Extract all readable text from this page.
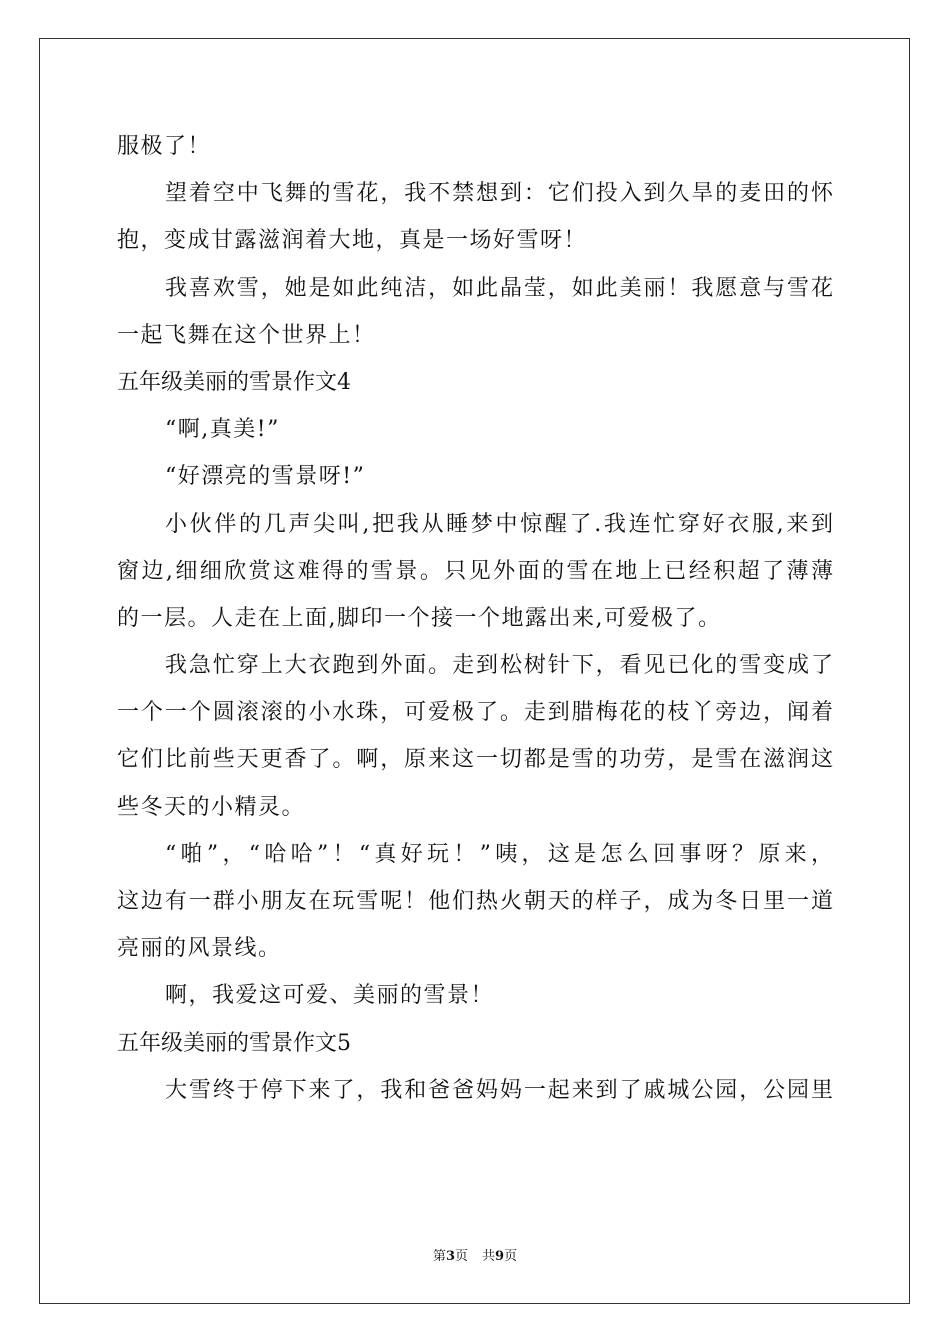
服极了！
望着空中飞舞的雪花，我不禁想到：它们投入到久旱的麦田的怀
抱，变成甘露滋润着大地，真是一场好雪呀！
我喜欢雪，她是如此纯洁，如此晶莹，如此美丽！我愿意与雪花
一起飞舞在这个世界上！
五年级美丽的雪景作文4
“啊,真美!”
“好漂亮的雪景呀!”
小伙伴的几声尖叫,把我从睡梦中惊醒了.我连忙穿好衣服,来到
窗边,细细欣赏这难得的雪景。只见外面的雪在地上已经积超了薄薄
的一层。人走在上面,脚印一个接一个地露出来,可爱极了。
我急忙穿上大衣跑到外面。走到松树针下，看见已化的雪变成了
一个一个圆滚滚的小水珠，可爱极了。走到腊梅花的枝丫旁边，闻着
它们比前些天更香了。啊，原来这一切都是雪的功劳，是雪在滋润这
些冬天的小精灵。
“啪”，“哈哈”！“真好玩！”咦，这是怎么回事呀？原来，
这边有一群小朋友在玩雪呢！他们热火朝天的样子，成为冬日里一道
亮丽的风景线。
啊，我爱这可爱、美丽的雪景！
五年级美丽的雪景作文5
大雪终于停下来了，我和爸爸妈妈一起来到了戚城公园，公园里
第3页 共9页
